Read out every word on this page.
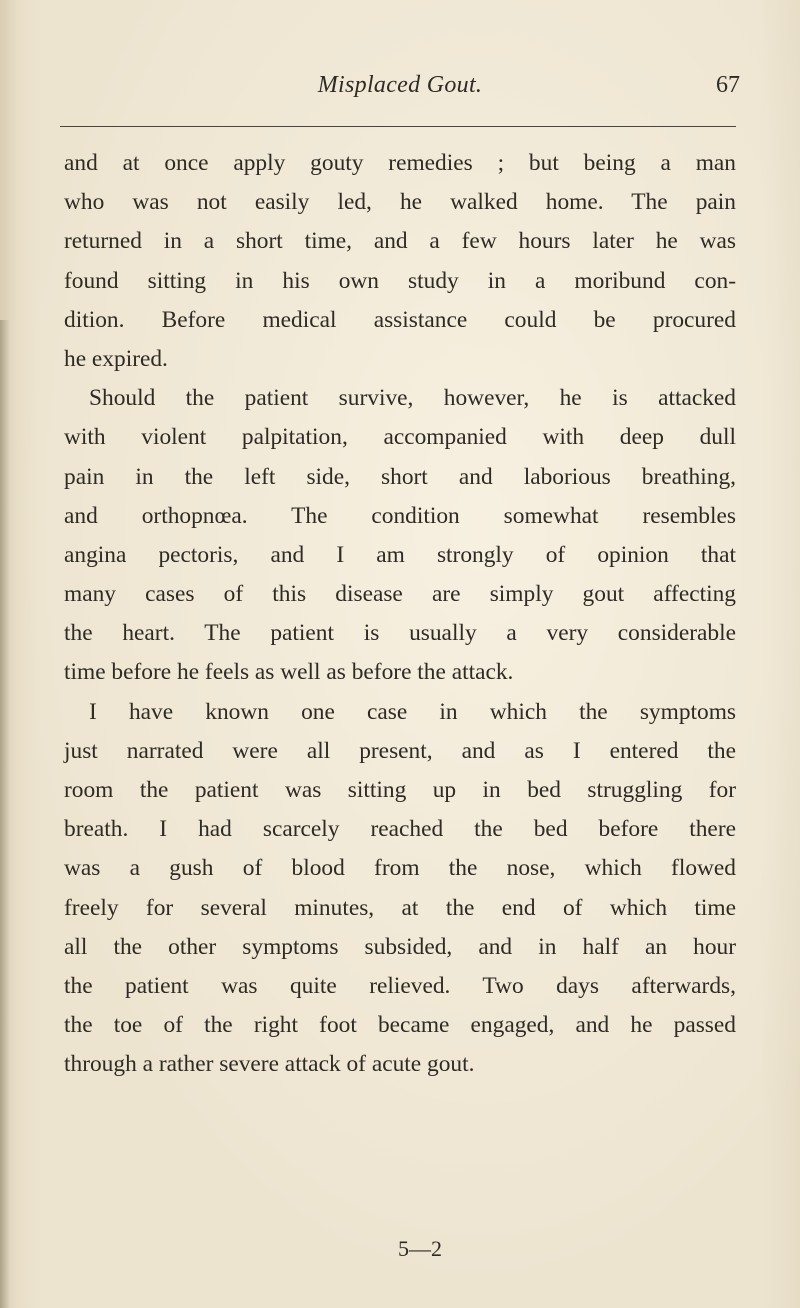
Misplaced Gout.	67
and at once apply gouty remedies ; but being a man
who was not easily led, he walked home. The pain
returned in a short time, and a few hours later he was
found sitting in his own study in a moribund con-
dition. Before medical assistance could be procured
he expired.
Should the patient survive, however, he is attacked
with violent palpitation, accompanied with deep dull
pain in the left side, short and laborious breathing,
and orthopnœa. The condition somewhat resembles
angina pectoris, and I am strongly of opinion that
many cases of this disease are simply gout affecting
the heart. The patient is usually a very considerable
time before he feels as well as before the attack.
I have known one case in which the symptoms
just narrated were all present, and as I entered the
room the patient was sitting up in bed struggling for
breath. I had scarcely reached the bed before there
was a gush of blood from the nose, which flowed
freely for several minutes, at the end of which time
all the other symptoms subsided, and in half an hour
the patient was quite relieved. Two days afterwards,
the toe of the right foot became engaged, and he passed
through a rather severe attack of acute gout.
5—2
